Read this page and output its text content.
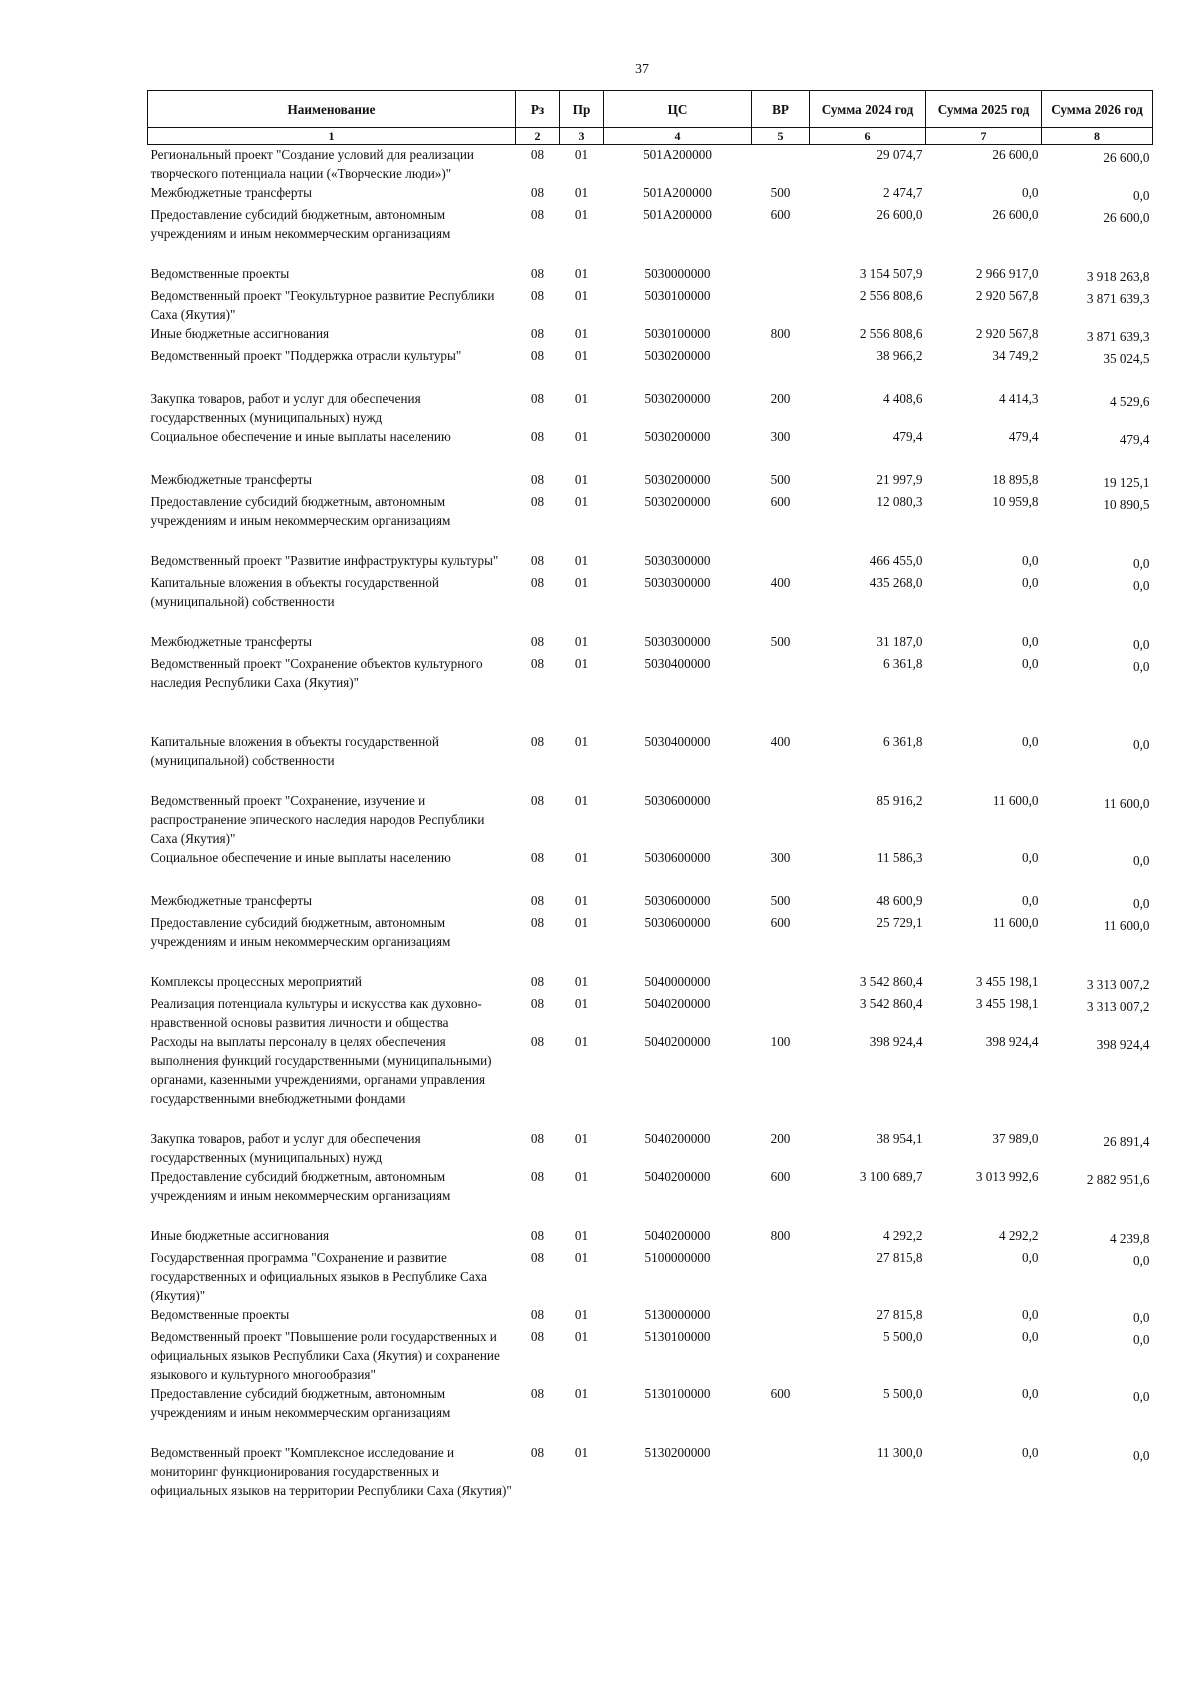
37
Наименование	Рз	Пр	ЦС	ВР	Сумма 2024 год	Сумма 2025 год	Сумма 2026 год
1	2	3	4	5	6	7	8
Региональный проект "Создание условий для реализации творческого потенциала нации («Творческие люди»)"	08	01	501A200000		29 074,7	26 600,0	26 600,0
Межбюджетные трансферты	08	01	501A200000	500	2 474,7	0,0	0,0
Предоставление субсидий бюджетным, автономным учреждениям и иным некоммерческим организациям	08	01	501A200000	600	26 600,0	26 600,0	26 600,0
Ведомственные проекты	08	01	5030000000		3 154 507,9	2 966 917,0	3 918 263,8
Ведомственный проект "Геокультурное развитие Республики Саха (Якутия)"	08	01	5030100000		2 556 808,6	2 920 567,8	3 871 639,3
Иные бюджетные ассигнования	08	01	5030100000	800	2 556 808,6	2 920 567,8	3 871 639,3
Ведомственный проект "Поддержка отрасли культуры"	08	01	5030200000		38 966,2	34 749,2	35 024,5
Закупка товаров, работ и услуг для обеспечения государственных (муниципальных) нужд	08	01	5030200000	200	4 408,6	4 414,3	4 529,6
Социальное обеспечение и иные выплаты населению	08	01	5030200000	300	479,4	479,4	479,4
Межбюджетные трансферты	08	01	5030200000	500	21 997,9	18 895,8	19 125,1
Предоставление субсидий бюджетным, автономным учреждениям и иным некоммерческим организациям	08	01	5030200000	600	12 080,3	10 959,8	10 890,5
Ведомственный проект "Развитие инфраструктуры культуры"	08	01	5030300000		466 455,0	0,0	0,0
Капитальные вложения в объекты государственной (муниципальной) собственности	08	01	5030300000	400	435 268,0	0,0	0,0
Межбюджетные трансферты	08	01	5030300000	500	31 187,0	0,0	0,0
Ведомственный проект "Сохранение объектов культурного наследия Республики Саха (Якутия)"	08	01	5030400000		6 361,8	0,0	0,0
Капитальные вложения в объекты государственной (муниципальной) собственности	08	01	5030400000	400	6 361,8	0,0	0,0
Ведомственный проект "Сохранение, изучение и распространение эпического наследия народов Республики Саха (Якутия)"	08	01	5030600000		85 916,2	11 600,0	11 600,0
Социальное обеспечение и иные выплаты населению	08	01	5030600000	300	11 586,3	0,0	0,0
Межбюджетные трансферты	08	01	5030600000	500	48 600,9	0,0	0,0
Предоставление субсидий бюджетным, автономным учреждениям и иным некоммерческим организациям	08	01	5030600000	600	25 729,1	11 600,0	11 600,0
Комплексы процессных мероприятий	08	01	5040000000		3 542 860,4	3 455 198,1	3 313 007,2
Реализация потенциала культуры и искусства как духовно-нравственной основы развития личности и общества	08	01	5040200000		3 542 860,4	3 455 198,1	3 313 007,2
Расходы на выплаты персоналу в целях обеспечения выполнения функций государственными (муниципальными) органами, казенными учреждениями, органами управления государственными внебюджетными фондами	08	01	5040200000	100	398 924,4	398 924,4	398 924,4
Закупка товаров, работ и услуг для обеспечения государственных (муниципальных) нужд	08	01	5040200000	200	38 954,1	37 989,0	26 891,4
Предоставление субсидий бюджетным, автономным учреждениям и иным некоммерческим организациям	08	01	5040200000	600	3 100 689,7	3 013 992,6	2 882 951,6
Иные бюджетные ассигнования	08	01	5040200000	800	4 292,2	4 292,2	4 239,8
Государственная программа "Сохранение и развитие государственных и официальных языков в Республике Саха (Якутия)"	08	01	5100000000		27 815,8	0,0	0,0
Ведомственные проекты	08	01	5130000000		27 815,8	0,0	0,0
Ведомственный проект "Повышение роли государственных и официальных языков Республики Саха (Якутия) и сохранение языкового и культурного многообразия"	08	01	5130100000		5 500,0	0,0	0,0
Предоставление субсидий бюджетным, автономным учреждениям и иным некоммерческим организациям	08	01	5130100000	600	5 500,0	0,0	0,0
Ведомственный проект "Комплексное исследование и мониторинг функционирования государственных и официальных языков на территории Республики Саха (Якутия)"	08	01	5130200000		11 300,0	0,0	0,0
